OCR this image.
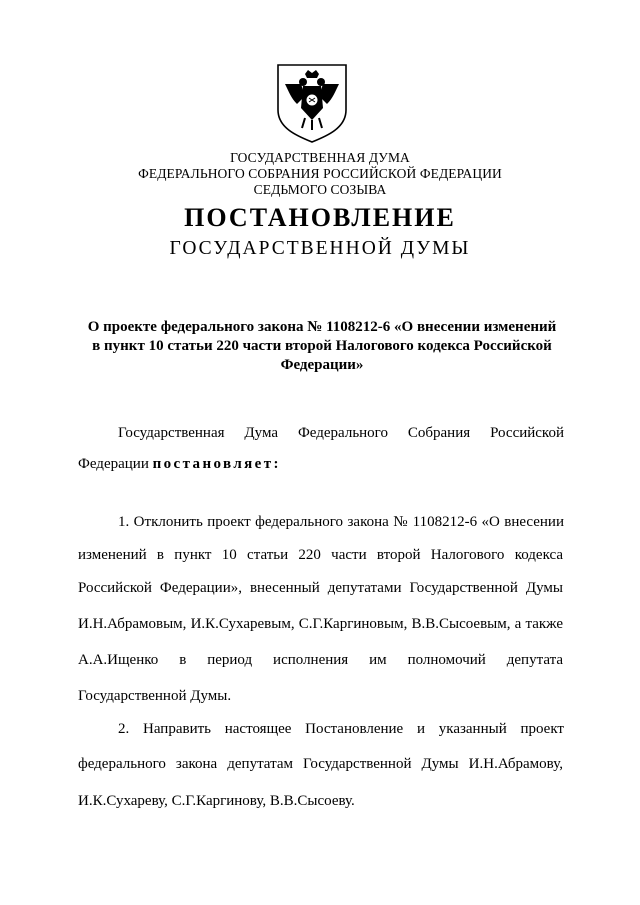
ГОСУДАРСТВЕННАЯ ДУМА
ФЕДЕРАЛЬНОГО СОБРАНИЯ РОССИЙСКОЙ ФЕДЕРАЦИИ
СЕДЬМОГО СОЗЫВА
ПОСТАНОВЛЕНИЕ
ГОСУДАРСТВЕННОЙ ДУМЫ
О проекте федерального закона № 1108212-6 «О внесении изменений в пункт 10 статьи 220 части второй Налогового кодекса Российской Федерации»
Государственная Дума Федерального Собрания Российской
Федерации постановляет:
1. Отклонить проект федерального закона № 1108212-6 «О внесении
изменений в пункт 10 статьи 220 части второй Налогового кодекса
Российской Федерации», внесенный депутатами Государственной Думы
И.Н.Абрамовым, И.К.Сухаревым, С.Г.Каргиновым, В.В.Сысоевым, а также
А.А.Ищенко в период исполнения им полномочий депутата
Государственной Думы.
2. Направить настоящее Постановление и указанный проект
федерального закона депутатам Государственной Думы И.Н.Абрамову,
И.К.Сухареву, С.Г.Каргинову, В.В.Сысоеву.
